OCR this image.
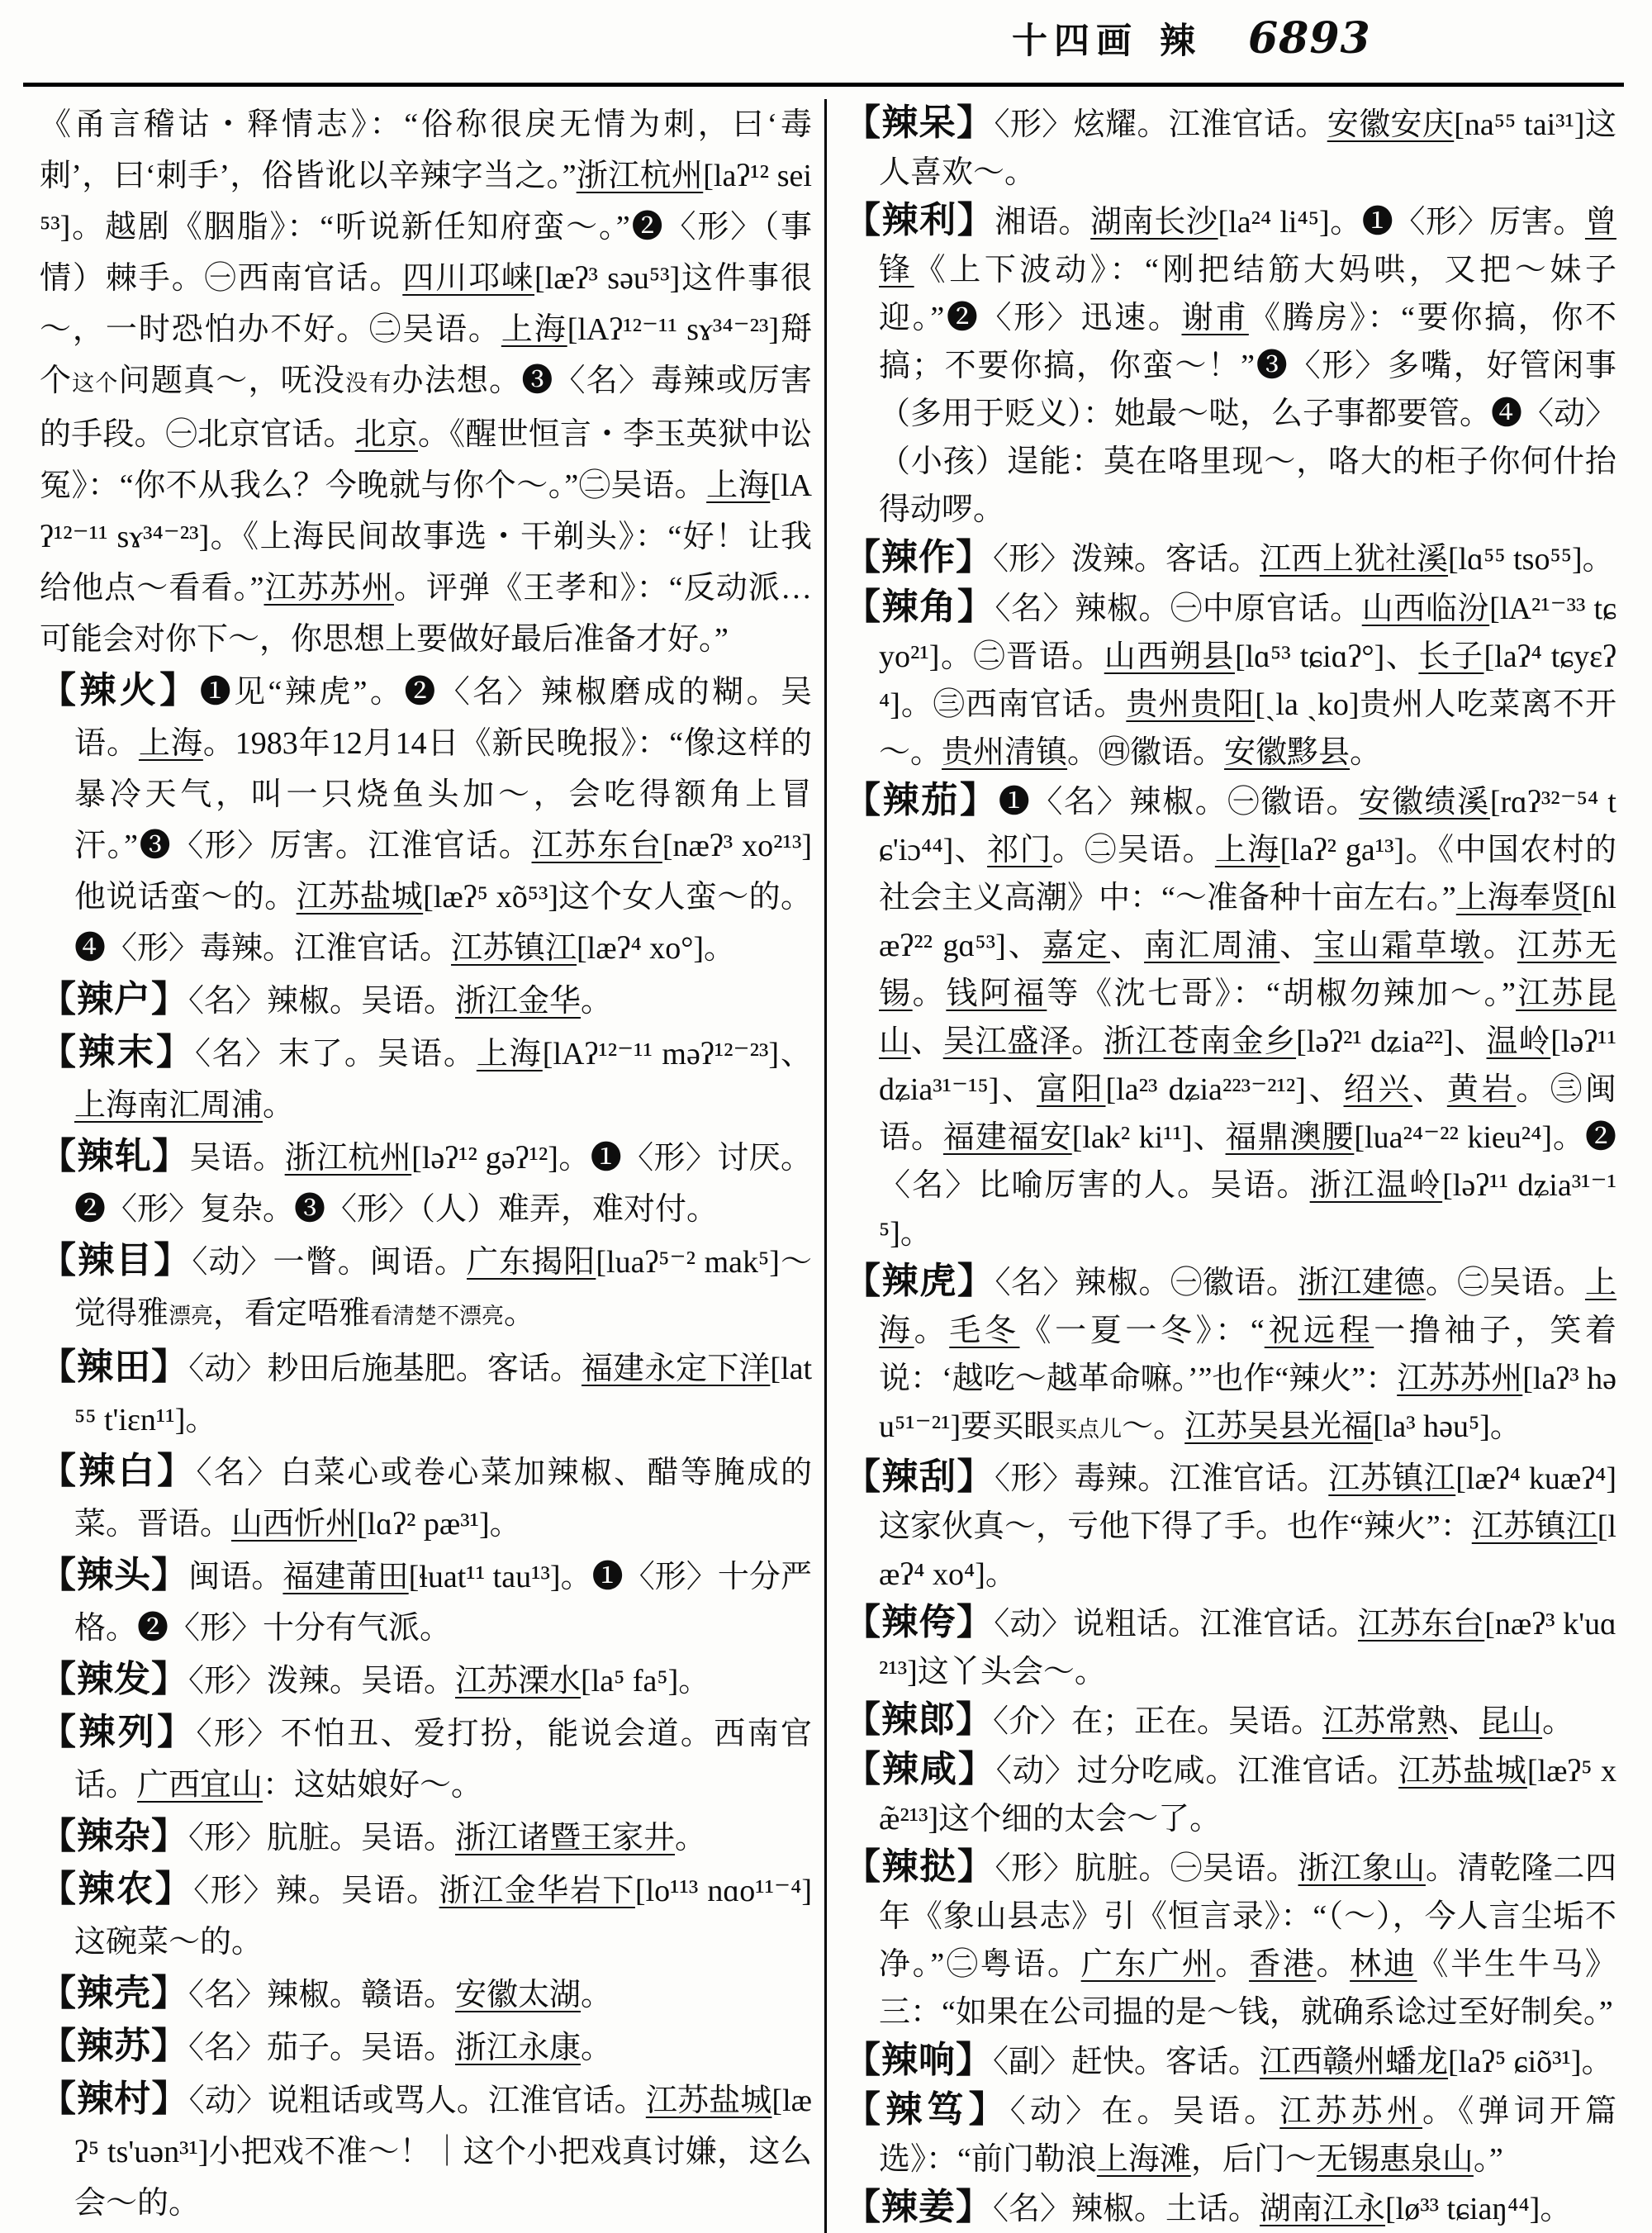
十四画 辣 6893

《甬言稽诂・释情志》：“俗称很戾无情为刺，曰‘毒刺’，曰‘刺手’，俗皆讹以辛辣字当之。”浙江杭州[laʔ¹² sei⁵³]。越剧《胭脂》：“听说新任知府蛮～。”❷〈形〉（事情）棘手。㊀西南官话。四川邛崃[læʔ³ səu⁵³]这件事很～，一时恐怕办不好。㊁吴语。上海[lAʔ¹²⁻¹¹ sɤ³⁴⁻²³]搿个这个问题真～，呒没没有办法想。❸〈名〉毒辣或厉害的手段。㊀北京官话。北京。《醒世恒言・李玉英狱中讼冤》：“你不从我么？今晚就与你个～。”㊁吴语。上海[lAʔ¹²⁻¹¹ sɤ³⁴⁻²³]。《上海民间故事选・干剃头》：“好！让我给他点～看看。”江苏苏州。评弹《王孝和》：“反动派…可能会对你下～，你思想上要做好最后准备才好。”

【辣火】❶见“辣虎”。❷〈名〉辣椒磨成的糊。吴语。上海。1983年12月14日《新民晚报》：“像这样的暴冷天气，叫一只烧鱼头加～，会吃得额角上冒汗。”❸〈形〉厉害。江淮官话。江苏东台[næʔ³ xo²¹³]他说话蛮～的。江苏盐城[læʔ⁵ xõ⁵³]这个女人蛮～的。❹〈形〉毒辣。江淮官话。江苏镇江[læʔ⁴ xo°]。

【辣户】〈名〉辣椒。吴语。浙江金华。

【辣末】〈名〉末了。吴语。上海[lAʔ¹²⁻¹¹ məʔ¹²⁻²³]、上海南汇周浦。

【辣轧】吴语。浙江杭州[ləʔ¹² gəʔ¹²]。❶〈形〉讨厌。❷〈形〉复杂。❸〈形〉（人）难弄，难对付。

【辣目】〈动〉一瞥。闽语。广东揭阳[luaʔ⁵⁻² mak⁵]～觉得雅漂亮，看定唔雅看清楚不漂亮。

【辣田】〈动〉耖田后施基肥。客话。福建永定下洋[lat⁵⁵ t'iɛn¹¹]。

【辣白】〈名〉白菜心或卷心菜加辣椒、醋等腌成的菜。晋语。山西忻州[lɑʔ² pæ³¹]。

【辣头】闽语。福建莆田[ɬuat¹¹ tau¹³]。❶〈形〉十分严格。❷〈形〉十分有气派。

【辣发】〈形〉泼辣。吴语。江苏溧水[la⁵ fa⁵]。

【辣列】〈形〉不怕丑、爱打扮，能说会道。西南官话。广西宜山：这姑娘好～。

【辣杂】〈形〉肮脏。吴语。浙江诸暨王家井。

【辣农】〈形〉辣。吴语。浙江金华岩下[lo¹¹³ nɑo¹¹⁻⁴]这碗菜～的。

【辣壳】〈名〉辣椒。赣语。安徽太湖。

【辣苏】〈名〉茄子。吴语。浙江永康。

【辣村】〈动〉说粗话或骂人。江淮官话。江苏盐城[læʔ⁵ ts'uən³¹]小把戏不准～！｜这个小把戏真讨嫌，这么会～的。

【辣呆】〈形〉炫耀。江淮官话。安徽安庆[na⁵⁵ tai³¹]这人喜欢～。

【辣利】湘语。湖南长沙[la²⁴ li⁴⁵]。❶〈形〉厉害。曾锋《上下波动》：“刚把结筋大妈哄，又把～妹子迎。”❷〈形〉迅速。谢甫《腾房》：“要你搞，你不搞；不要你搞，你蛮～！”❸〈形〉多嘴，好管闲事（多用于贬义）：她最～哒，么子事都要管。❹〈动〉（小孩）逞能：莫在咯里现～，咯大的柜子你何什抬得动啰。

【辣作】〈形〉泼辣。客话。江西上犹社溪[lɑ⁵⁵ tso⁵⁵]。

【辣角】〈名〉辣椒。㊀中原官话。山西临汾[lA²¹⁻³³ tɕyo²¹]。㊁晋语。山西朔县[lɑ⁵³ tɕiɑʔ°]、长子[laʔ⁴ tɕyɛʔ⁴]。㊂西南官话。贵州贵阳[ˏla ˏko]贵州人吃菜离不开～。贵州清镇。㊃徽语。安徽黟县。

【辣茄】❶〈名〉辣椒。㊀徽语。安徽绩溪[rɑʔ³²⁻⁵⁴ tɕ'iɔ⁴⁴]、祁门。㊁吴语。上海[laʔ² ga¹³]。《中国农村的社会主义高潮》中：“～准备种十亩左右。”上海奉贤[ɦlæʔ²² gɑ⁵³]、嘉定、南汇周浦、宝山霜草墩。江苏无锡。钱阿福等《沈七哥》：“胡椒勿辣加～。”江苏昆山、吴江盛泽。浙江苍南金乡[ləʔ²¹ dʑia²²]、温岭[ləʔ¹¹ dʑia³¹⁻¹⁵]、富阳[la²³ dʑia²²³⁻²¹²]、绍兴、黄岩。㊂闽语。福建福安[lak² ki¹¹]、福鼎澳腰[lua²⁴⁻²² kieu²⁴]。❷〈名〉比喻厉害的人。吴语。浙江温岭[ləʔ¹¹ dʑia³¹⁻¹⁵]。

【辣虎】〈名〉辣椒。㊀徽语。浙江建德。㊁吴语。上海。毛冬《一夏一冬》：“祝远程一撸袖子，笑着说：‘越吃～越革命嘛。’”也作“辣火”：江苏苏州[laʔ³ həu⁵¹⁻²¹]要买眼买点儿～。江苏吴县光福[la³ həu⁵]。

【辣刮】〈形〉毒辣。江淮官话。江苏镇江[læʔ⁴ kuæʔ⁴]这家伙真～，亏他下得了手。也作“辣火”：江苏镇江[læʔ⁴ xo⁴]。

【辣侉】〈动〉说粗话。江淮官话。江苏东台[næʔ³ k'uɑ²¹³]这丫头会～。

【辣郎】〈介〉在；正在。吴语。江苏常熟、昆山。

【辣咸】〈动〉过分吃咸。江淮官话。江苏盐城[læʔ⁵ xæ̃²¹³]这个细的太会～了。

【辣挞】〈形〉肮脏。㊀吴语。浙江象山。清乾隆二四年《象山县志》引《恒言录》：“（～），今人言尘垢不净。”㊁粤语。广东广州。香港。林迪《半生牛马》三：“如果在公司揾的是～钱，就确系谂过至好制矣。”

【辣响】〈副〉赶快。客话。江西赣州蟠龙[laʔ⁵ ɕiõ³¹]。

【辣笃】〈动〉在。吴语。江苏苏州。《弹词开篇选》：“前门勒浪上海滩，后门～无锡惠泉山。”

【辣姜】〈名〉辣椒。土话。湖南江永[lø³³ tɕiaŋ⁴⁴]。
